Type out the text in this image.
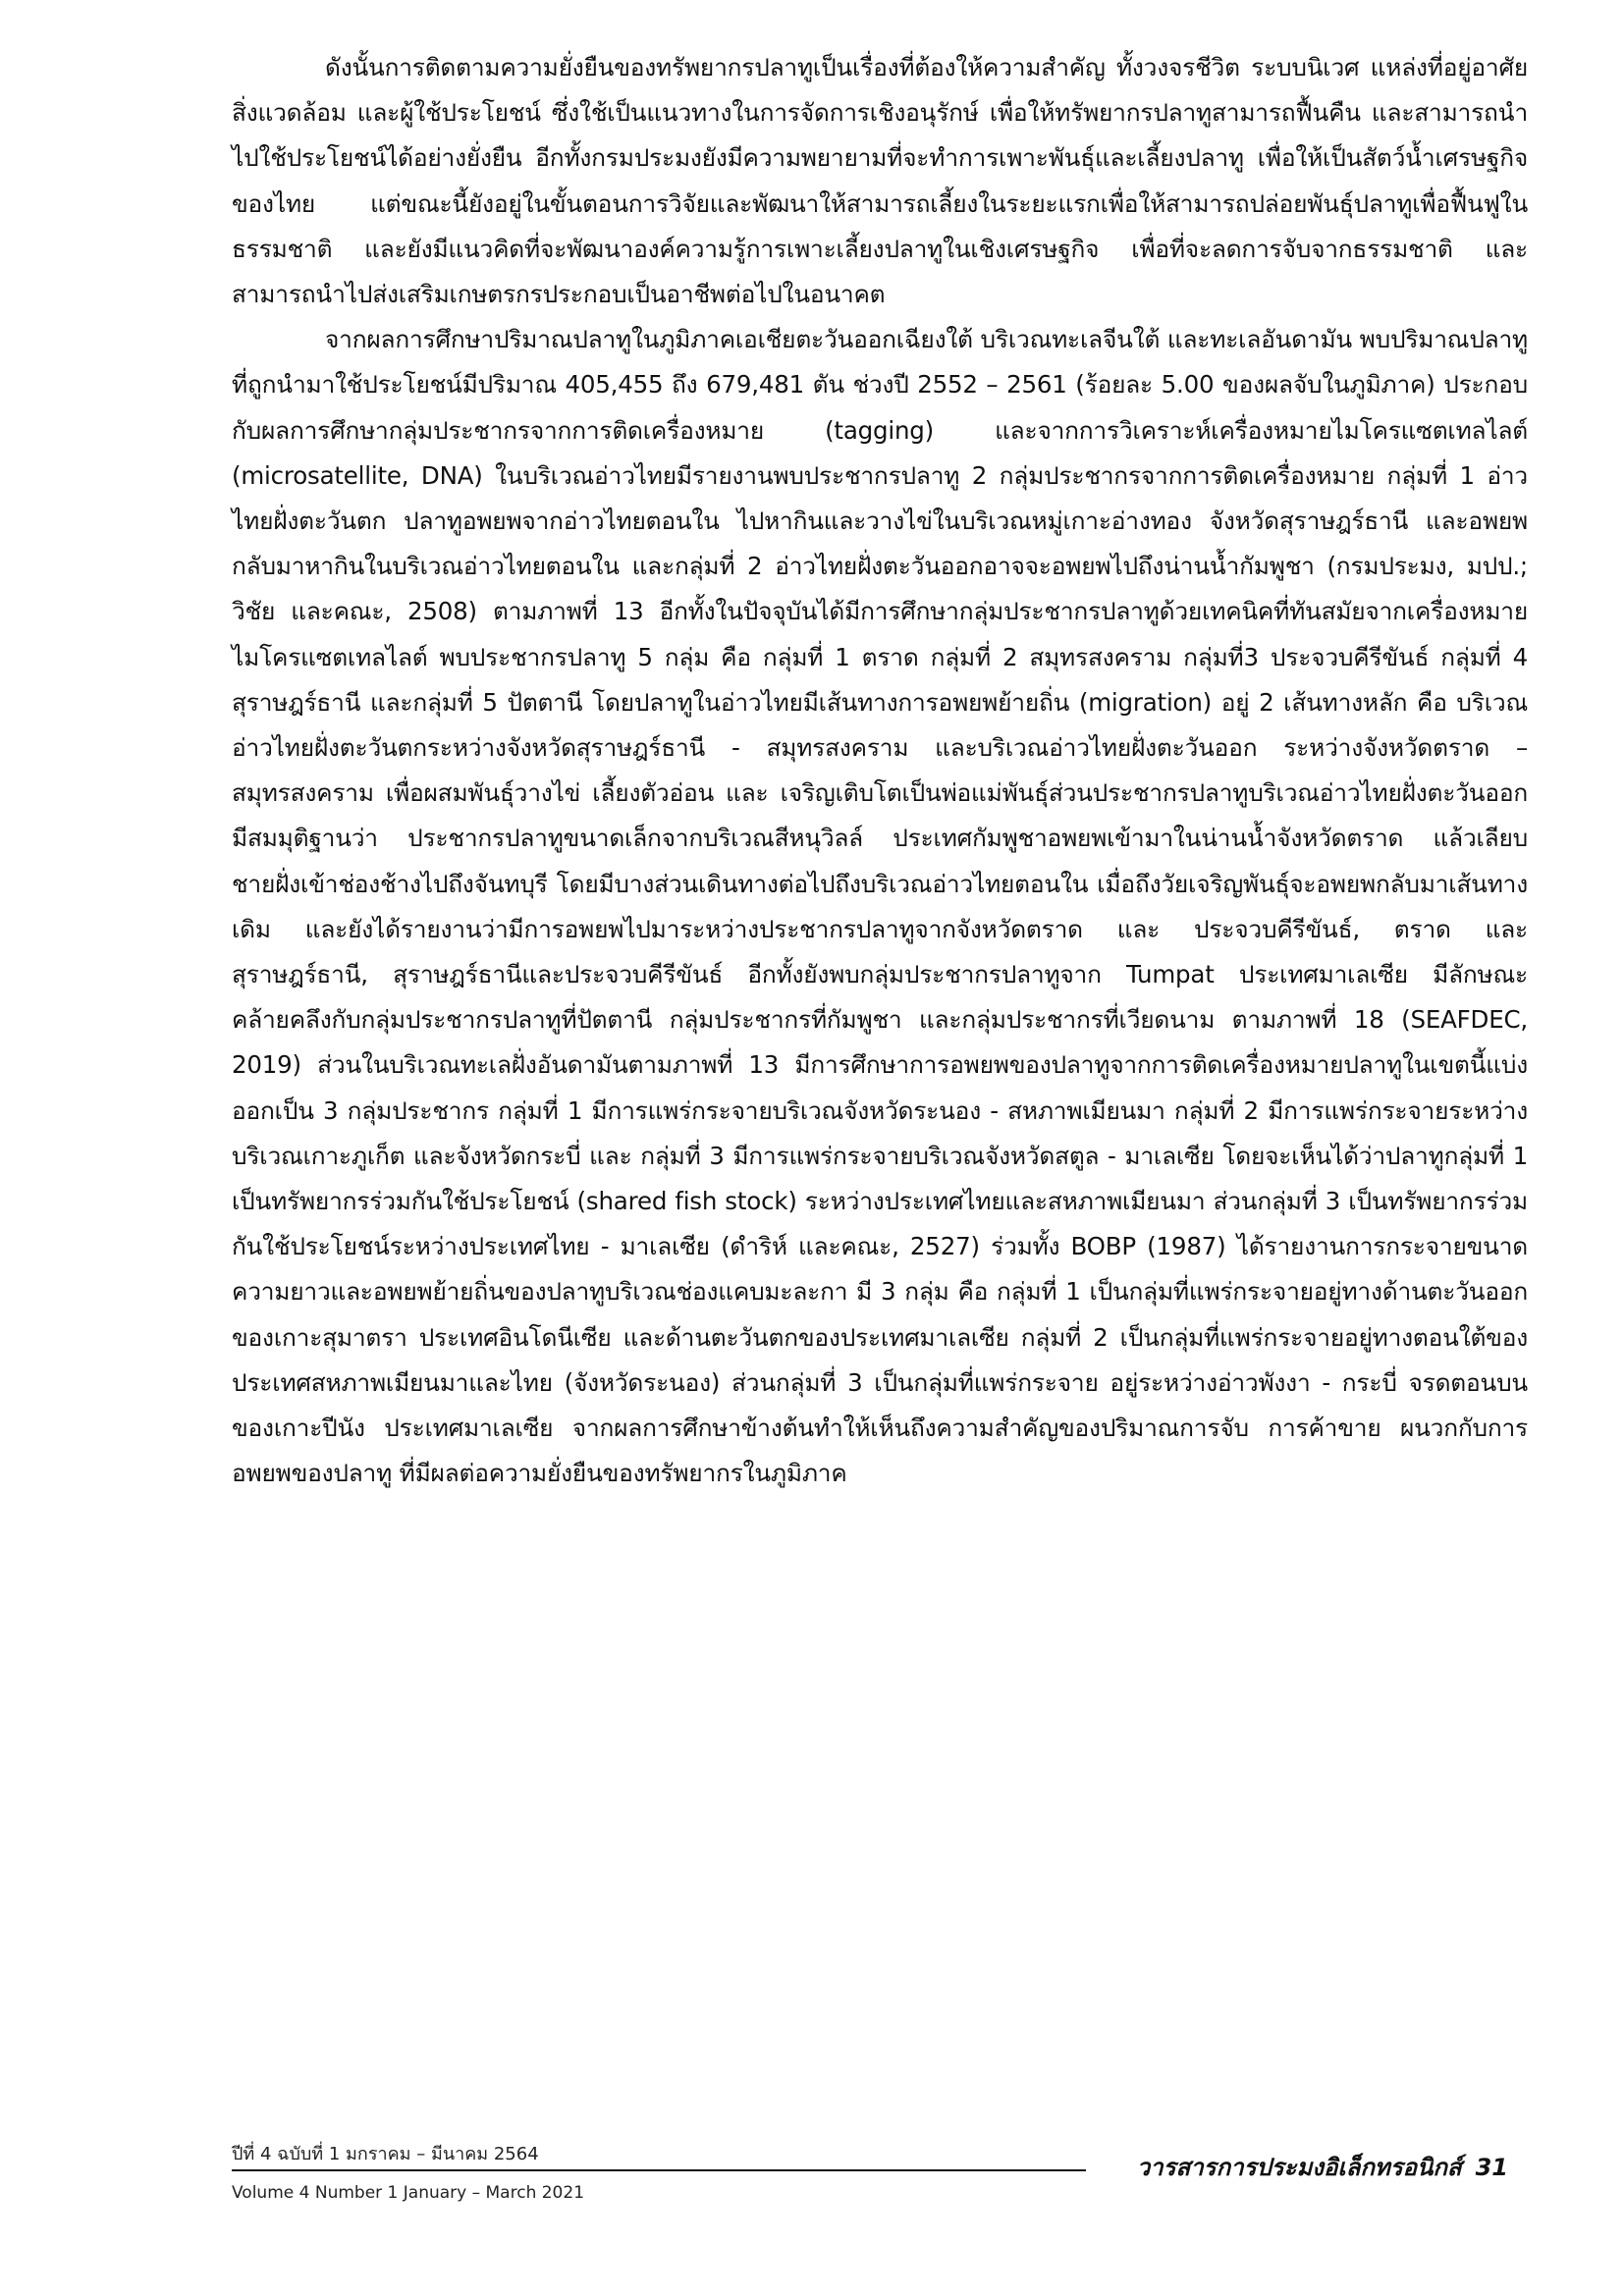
ดังนั้นการติดตามความยั่งยืนของทรัพยากรปลาทูเป็นเรื่องที่ต้องให้ความสำคัญ ทั้งวงจรชีวิต ระบบนิเวศ แหล่งที่อยู่อาศัย สิ่งแวดล้อม และผู้ใช้ประโยชน์ ซึ่งใช้เป็นแนวทางในการจัดการเชิงอนุรักษ์ เพื่อให้ทรัพยากรปลาทูสามารถฟื้นคืน และสามารถนำไปใช้ประโยชน์ได้อย่างยั่งยืน อีกทั้งกรมประมงยังมีความพยายามที่จะทำการเพาะพันธุ์และเลี้ยงปลาทู เพื่อให้เป็นสัตว์น้ำเศรษฐกิจของไทย แต่ขณะนี้ยังอยู่ในขั้นตอนการวิจัยและพัฒนาให้สามารถเลี้ยงในระยะแรกเพื่อให้สามารถปล่อยพันธุ์ปลาทูเพื่อฟื้นฟูในธรรมชาติ และยังมีแนวคิดที่จะพัฒนาองค์ความรู้การเพาะเลี้ยงปลาทูในเชิงเศรษฐกิจ เพื่อที่จะลดการจับจากธรรมชาติ และสามารถนำไปส่งเสริมเกษตรกรประกอบเป็นอาชีพต่อไปในอนาคต

จากผลการศึกษาปริมาณปลาทูในภูมิภาคเอเชียตะวันออกเฉียงใต้ บริเวณทะเลจีนใต้ และทะเลอันดามัน พบปริมาณปลาทูที่ถูกนำมาใช้ประโยชน์มีปริมาณ 405,455 ถึง 679,481 ตัน ช่วงปี 2552 – 2561 (ร้อยละ 5.00 ของผลจับในภูมิภาค) ประกอบกับผลการศึกษากลุ่มประชากรจากการติดเครื่องหมาย (tagging) และจากการวิเคราะห์เครื่องหมายไมโครแซตเทลไลต์ (microsatellite, DNA) ในบริเวณอ่าวไทยมีรายงานพบประชากรปลาทู 2 กลุ่มประชากรจากการติดเครื่องหมาย กลุ่มที่ 1 อ่าวไทยฝั่งตะวันตก ปลาทูอพยพจากอ่าวไทยตอนใน ไปหากินและวางไข่ในบริเวณหมู่เกาะอ่างทอง จังหวัดสุราษฎร์ธานี และอพยพกลับมาหากินในบริเวณอ่าวไทยตอนใน และกลุ่มที่ 2 อ่าวไทยฝั่งตะวันออกอาจจะอพยพไปถึงน่านน้ำกัมพูชา (กรมประมง, มปป.; วิชัย และคณะ, 2508) ตามภาพที่ 13 อีกทั้งในปัจจุบันได้มีการศึกษากลุ่มประชากรปลาทูด้วยเทคนิคที่ทันสมัยจากเครื่องหมายไมโครแซตเทลไลต์ พบประชากรปลาทู 5 กลุ่ม คือ กลุ่มที่ 1 ตราด กลุ่มที่ 2 สมุทรสงคราม กลุ่มที่3 ประจวบคีรีขันธ์ กลุ่มที่ 4 สุราษฎร์ธานี และกลุ่มที่ 5 ปัตตานี โดยปลาทูในอ่าวไทยมีเส้นทางการอพยพย้ายถิ่น (migration) อยู่ 2 เส้นทางหลัก คือ บริเวณอ่าวไทยฝั่งตะวันตกระหว่างจังหวัดสุราษฎร์ธานี - สมุทรสงคราม และบริเวณอ่าวไทยฝั่งตะวันออก ระหว่างจังหวัดตราด – สมุทรสงคราม เพื่อผสมพันธุ์วางไข่ เลี้ยงตัวอ่อน และ เจริญเติบโตเป็นพ่อแม่พันธุ์ส่วนประชากรปลาทูบริเวณอ่าวไทยฝั่งตะวันออก มีสมมุติฐานว่า ประชากรปลาทูขนาดเล็กจากบริเวณสีหนุวิลล์ ประเทศกัมพูชาอพยพเข้ามาในน่านน้ำจังหวัดตราด แล้วเลียบชายฝั่งเข้าช่องช้างไปถึงจันทบุรี โดยมีบางส่วนเดินทางต่อไปถึงบริเวณอ่าวไทยตอนใน เมื่อถึงวัยเจริญพันธุ์จะอพยพกลับมาเส้นทางเดิม และยังได้รายงานว่ามีการอพยพไปมาระหว่างประชากรปลาทูจากจังหวัดตราด และ ประจวบคีรีขันธ์, ตราด และสุราษฎร์ธานี, สุราษฎร์ธานีและประจวบคีรีขันธ์ อีกทั้งยังพบกลุ่มประชากรปลาทูจาก Tumpat ประเทศมาเลเซีย มีลักษณะคล้ายคลึงกับกลุ่มประชากรปลาทูที่ปัตตานี กลุ่มประชากรที่กัมพูชา และกลุ่มประชากรที่เวียดนาม ตามภาพที่ 18 (SEAFDEC, 2019) ส่วนในบริเวณทะเลฝั่งอันดามันตามภาพที่ 13 มีการศึกษาการอพยพของปลาทูจากการติดเครื่องหมายปลาทูในเขตนี้แบ่งออกเป็น 3 กลุ่มประชากร กลุ่มที่ 1 มีการแพร่กระจายบริเวณจังหวัดระนอง - สหภาพเมียนมา กลุ่มที่ 2 มีการแพร่กระจายระหว่างบริเวณเกาะภูเก็ต และจังหวัดกระบี่ และ กลุ่มที่ 3 มีการแพร่กระจายบริเวณจังหวัดสตูล - มาเลเซีย โดยจะเห็นได้ว่าปลาทูกลุ่มที่ 1 เป็นทรัพยากรร่วมกันใช้ประโยชน์ (shared fish stock) ระหว่างประเทศไทยและสหภาพเมียนมา ส่วนกลุ่มที่ 3 เป็นทรัพยากรร่วมกันใช้ประโยชน์ระหว่างประเทศไทย - มาเลเซีย (ดำริห์ และคณะ, 2527) ร่วมทั้ง BOBP (1987) ได้รายงานการกระจายขนาดความยาวและอพยพย้ายถิ่นของปลาทูบริเวณช่องแคบมะละกา มี 3 กลุ่ม คือ กลุ่มที่ 1 เป็นกลุ่มที่แพร่กระจายอยู่ทางด้านตะวันออกของเกาะสุมาตรา ประเทศอินโดนีเซีย และด้านตะวันตกของประเทศมาเลเซีย กลุ่มที่ 2 เป็นกลุ่มที่แพร่กระจายอยู่ทางตอนใต้ของประเทศสหภาพเมียนมาและไทย (จังหวัดระนอง) ส่วนกลุ่มที่ 3 เป็นกลุ่มที่แพร่กระจาย อยู่ระหว่างอ่าวพังงา - กระบี่ จรดตอนบนของเกาะปีนัง ประเทศมาเลเซีย จากผลการศึกษาข้างต้นทำให้เห็นถึงความสำคัญของปริมาณการจับ การค้าขาย ผนวกกับการอพยพของปลาทู ที่มีผลต่อความยั่งยืนของทรัพยากรในภูมิภาค

ปีที่ 4 ฉบับที่ 1 มกราคม – มีนาคม 2564	วารสารการประมงอิเล็กทรอนิกส์ 31
Volume 4 Number 1 January – March 2021
